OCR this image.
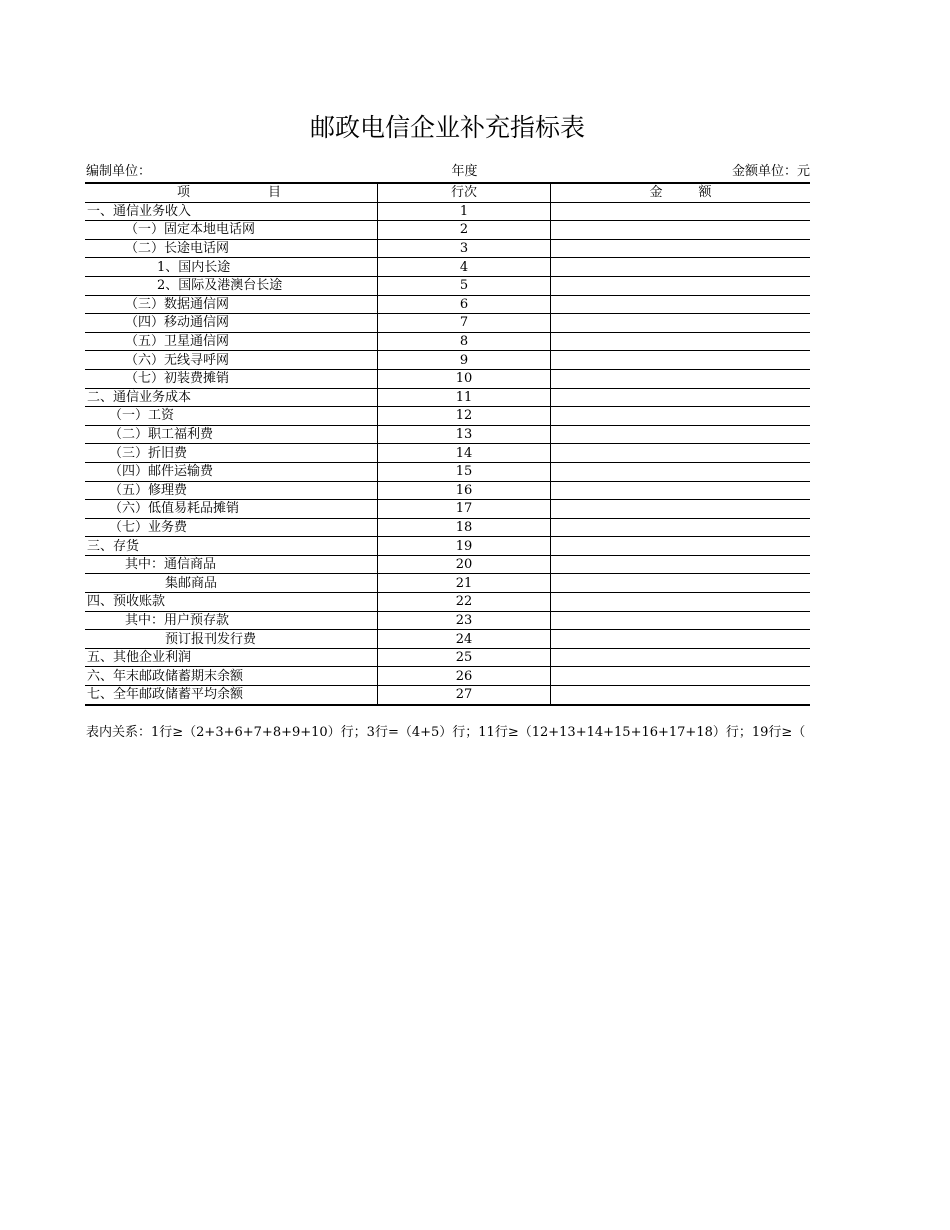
邮政电信企业补充指标表
编制单位：	年度	金额单位：元
项 目	行次	金 额
一、通信业务收入	1	
（一）固定本地电话网	2	
（二）长途电话网	3	
1、国内长途	4	
2、国际及港澳台长途	5	
（三）数据通信网	6	
（四）移动通信网	7	
（五）卫星通信网	8	
（六）无线寻呼网	9	
（七）初装费摊销	10	
二、通信业务成本	11	
（一）工资	12	
（二）职工福利费	13	
（三）折旧费	14	
（四）邮件运输费	15	
（五）修理费	16	
（六）低值易耗品摊销	17	
（七）业务费	18	
三、存货	19	
其中：通信商品	20	
集邮商品	21	
四、预收账款	22	
其中：用户预存款	23	
预订报刊发行费	24	
五、其他企业利润	25	
六、年末邮政储蓄期末余额	26	
七、全年邮政储蓄平均余额	27	
表内关系：1行≥（2+3+6+7+8+9+10）行；3行=（4+5）行；11行≥（12+13+14+15+16+17+18）行；19行≥（
